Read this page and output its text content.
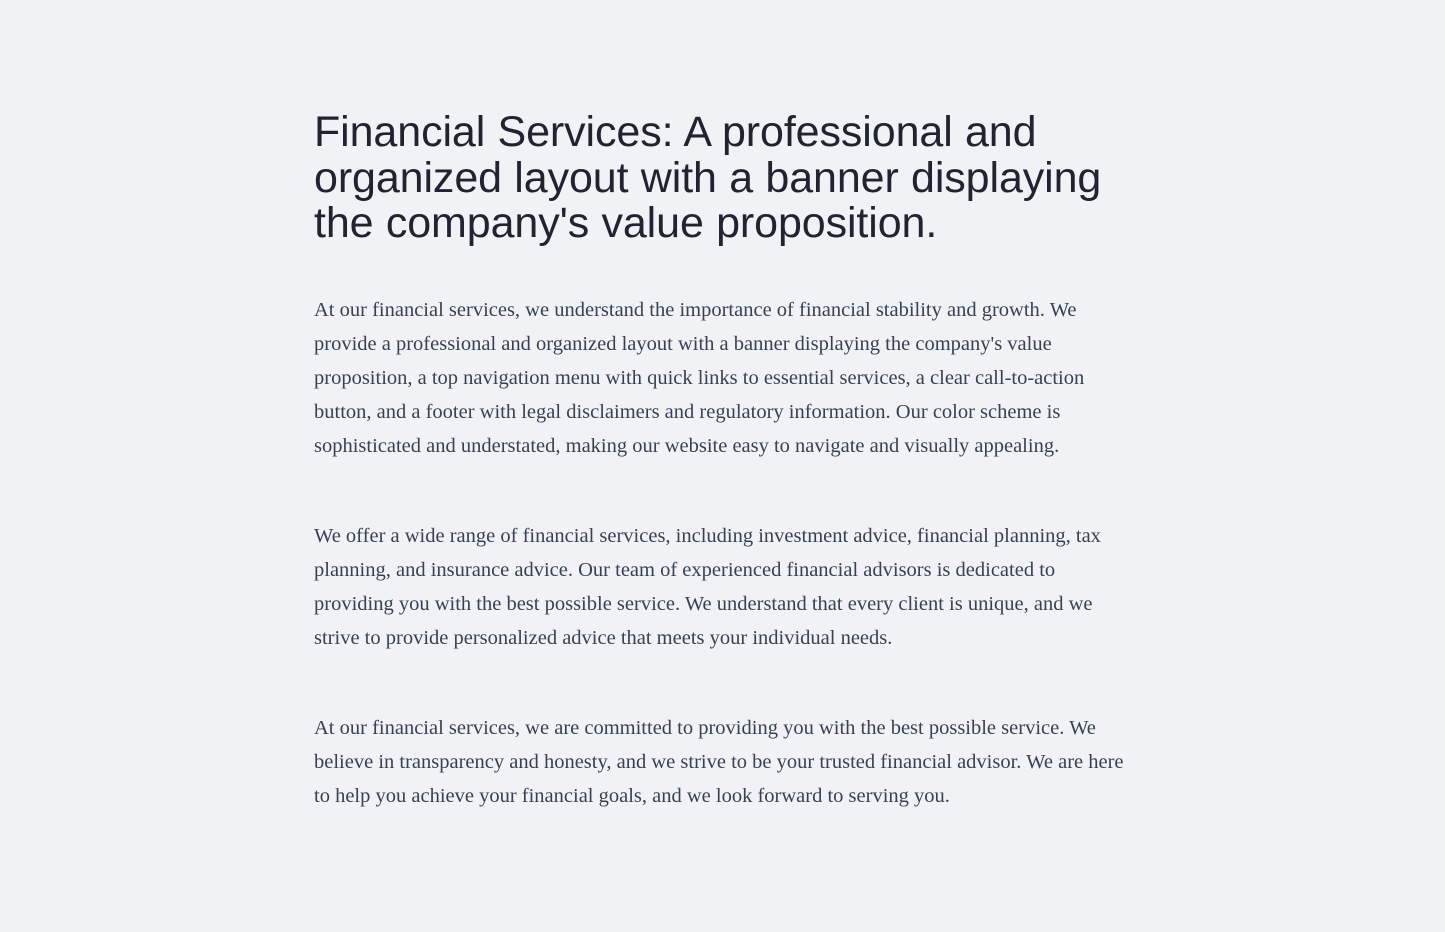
Financial Services: A professional and organized layout with a banner displaying the company's value proposition.

At our financial services, we understand the importance of financial stability and growth. We provide a professional and organized layout with a banner displaying the company's value proposition, a top navigation menu with quick links to essential services, a clear call-to-action button, and a footer with legal disclaimers and regulatory information. Our color scheme is sophisticated and understated, making our website easy to navigate and visually appealing.

We offer a wide range of financial services, including investment advice, financial planning, tax planning, and insurance advice. Our team of experienced financial advisors is dedicated to providing you with the best possible service. We understand that every client is unique, and we strive to provide personalized advice that meets your individual needs.

At our financial services, we are committed to providing you with the best possible service. We believe in transparency and honesty, and we strive to be your trusted financial advisor. We are here to help you achieve your financial goals, and we look forward to serving you.
